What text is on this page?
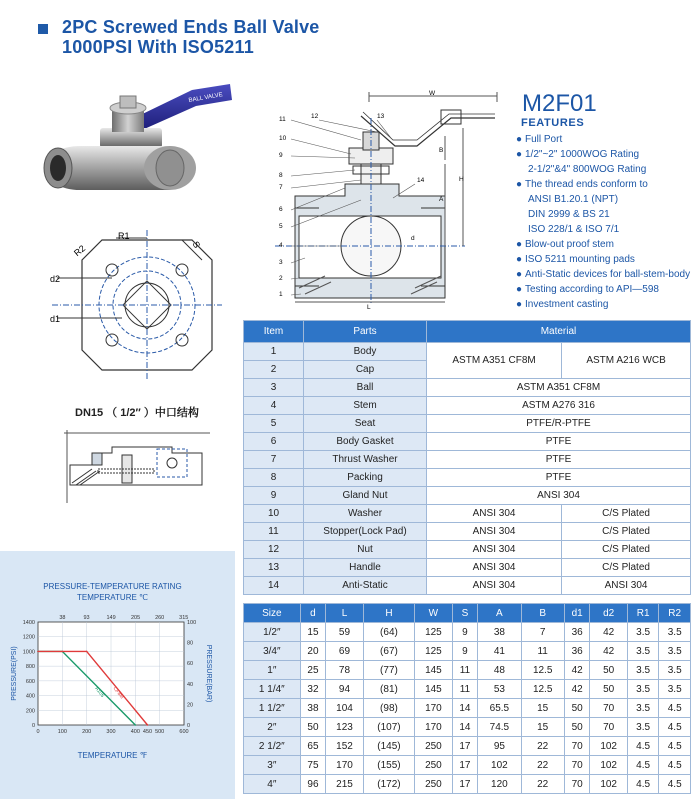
2PC Screwed Ends Ball Valve
1000PSI With ISO5211
BALL VALVE
R1
R2	S
d2
d1
DN15 （ 1/2″ ）中口结构
W
L
H
A
B
d
11
10
9
8
7
6
5
4
3
2
1
12	13
14
M2F01
FEATURES
● Full Port
● 1/2"~2" 1000WOG Rating
2-1/2"&4" 800WOG Rating
● The thread ends conform to
ANSI B1.20.1 (NPT)
DIN 2999 & BS 21
ISO 228/1 & ISO 7/1
● Blow-out proof stem
● ISO 5211 mounting pads
● Anti-Static devices for ball-stem-body
● Testing according to API—598
● Investment casting
Item	Parts	Material	
1	Body	ASTM A351 CF8M	ASTM A216 WCB
2	Cap		
3	Ball	ASTM A351 CF8M	
4	Stem	ASTM A276 316	
5	Seat	PTFE/R-PTFE	
6	Body Gasket	PTFE	
7	Thrust Washer	PTFE	
8	Packing	PTFE	
9	Gland Nut	ANSI 304	
10	Washer	ANSI 304	C/S Plated
11	Stopper(Lock Pad)	ANSI 304	C/S Plated
12	Nut	ANSI 304	C/S Plated
13	Handle	ANSI 304	C/S Plated
14	Anti-Static	ANSI 304	ANSI 304
Size	d	L	H	W	S	A	B	d1	d2	R1	R2
1/2″	15	59	(64)	125	9	38	7	36	42	3.5	3.5
3/4″	20	69	(67)	125	9	41	11	36	42	3.5	3.5
1″	25	78	(77)	145	11	48	12.5	42	50	3.5	3.5
1 1/4″	32	94	(81)	145	11	53	12.5	42	50	3.5	3.5
1 1/2″	38	104	(98)	170	14	65.5	15	50	70	3.5	4.5
2″	50	123	(107)	170	14	74.5	15	50	70	3.5	4.5
2 1/2″	65	152	(145)	250	17	95	22	70	102	4.5	4.5
3″	75	170	(155)	250	17	102	22	70	102	4.5	4.5
4″	96	215	(172)	250	17	120	22	70	102	4.5	4.5
PRESSURE-TEMPERATURE RATING
TEMPERATURE ℃
0
200
400
600
800
1000
1200
1400
0
20
40
60
80
100
0	100	200	300	400 450 500	600
38	93	149	205	260	315
PRESSURE(PSI)	PRESSURE(BAR)
A105 CF8M
TEMPERATURE ℉
